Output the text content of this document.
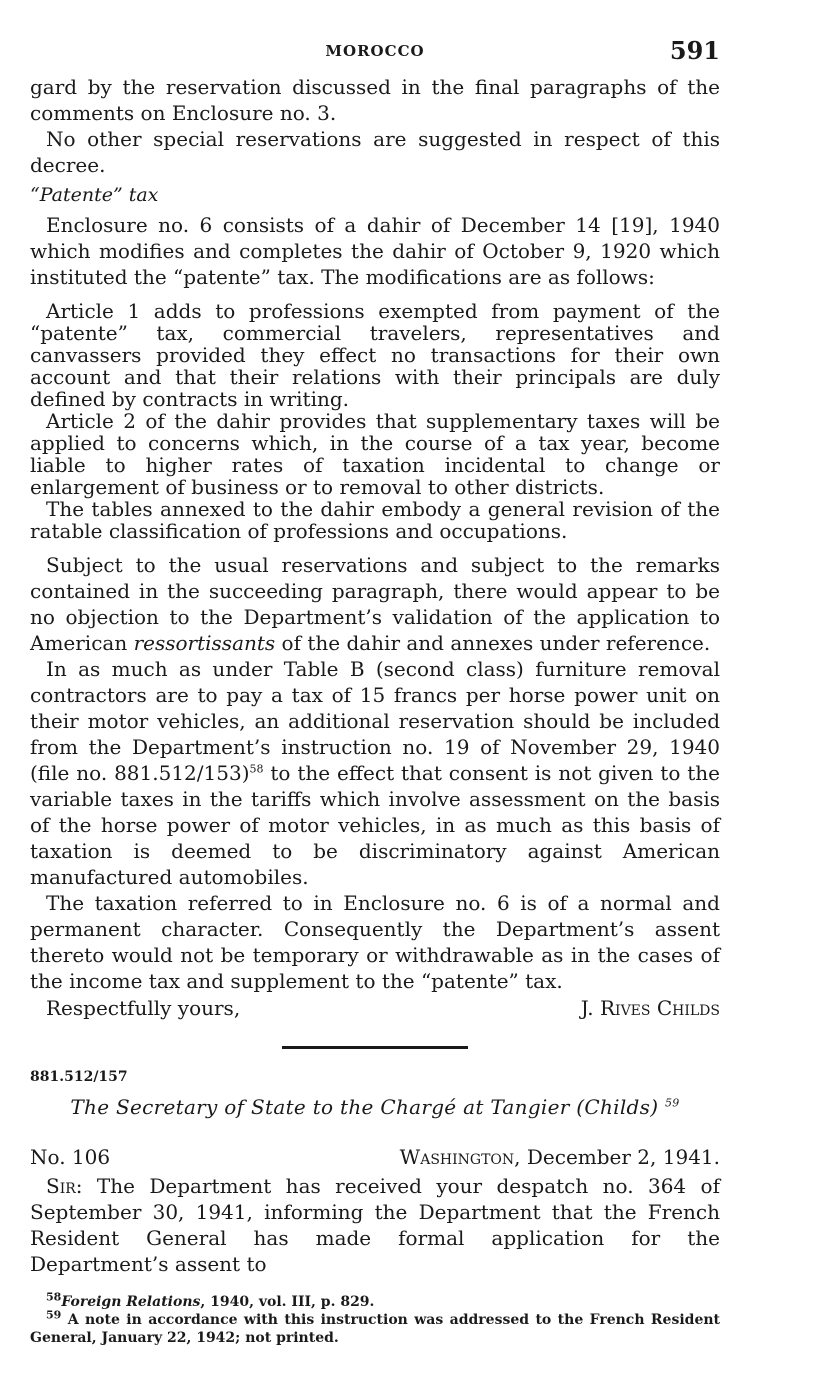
MOROCCO	591

gard by the reservation discussed in the final paragraphs of the comments on Enclosure no. 3.

No other special reservations are suggested in respect of this decree.

“Patente” tax

Enclosure no. 6 consists of a dahir of December 14 [19], 1940 which modifies and completes the dahir of October 9, 1920 which instituted the “patente” tax. The modifications are as follows:

Article 1 adds to professions exempted from payment of the “patente” tax, commercial travelers, representatives and canvassers provided they effect no transactions for their own account and that their relations with their principals are duly defined by contracts in writing.

Article 2 of the dahir provides that supplementary taxes will be applied to concerns which, in the course of a tax year, become liable to higher rates of taxation incidental to change or enlargement of business or to removal to other districts.

The tables annexed to the dahir embody a general revision of the ratable classification of professions and occupations.

Subject to the usual reservations and subject to the remarks contained in the succeeding paragraph, there would appear to be no objection to the Department’s validation of the application to American ressortissants of the dahir and annexes under reference.

In as much as under Table B (second class) furniture removal contractors are to pay a tax of 15 francs per horse power unit on their motor vehicles, an additional reservation should be included from the Department’s instruction no. 19 of November 29, 1940 (file no. 881.512/153)$^{58}$ to the effect that consent is not given to the variable taxes in the tariffs which involve assessment on the basis of the horse power of motor vehicles, in as much as this basis of taxation is deemed to be discriminatory against American manufactured automobiles.

The taxation referred to in Enclosure no. 6 is of a normal and permanent character. Consequently the Department’s assent thereto would not be temporary or withdrawable as in the cases of the income tax and supplement to the “patente” tax.

Respectfully yours,	J. Rives Childs
881.512/157
The Secretary of State to the Chargé at Tangier (Childs) $^{59}$
No. 106	Washington, December 2, 1941.

Sir: The Department has received your despatch no. 364 of September 30, 1941, informing the Department that the French Resident General has made formal application for the Department’s assent to

$^{58}$Foreign Relations, 1940, vol. III, p. 829.
$^{59}$ A note in accordance with this instruction was addressed to the French Resident General, January 22, 1942; not printed.
